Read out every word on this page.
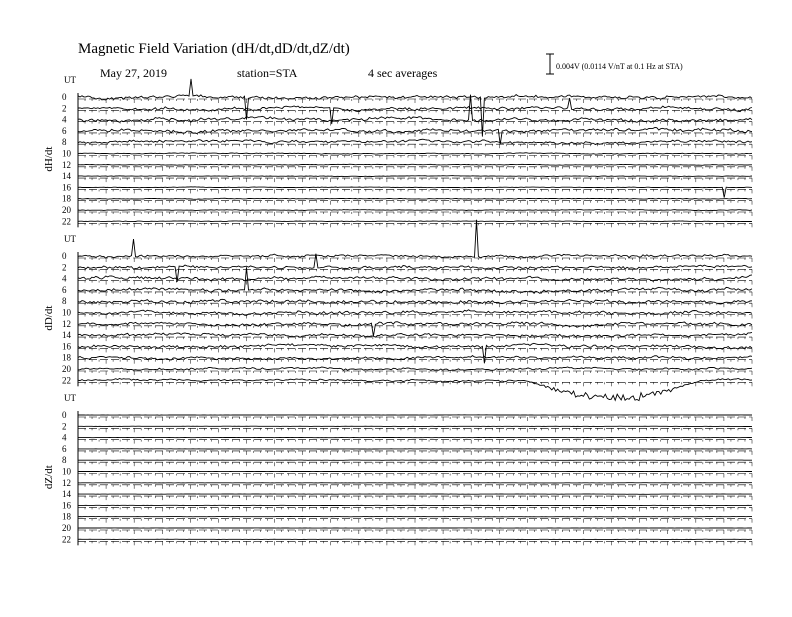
Magnetic Field Variation (dH/dt,dD/dt,dZ/dt)
May 27, 2019	station=STA	4 sec averages	0.004V (0.0114 V/nT at 0.1 Hz at STA)
UT
dH/dt
0
2
4
6
8
10
12
14
16
18
20
22
UT
dD/dt
0
2
4
6
8
10
12
14
16
18
20
22
UT
dZ/dt
0
2
4
6
8
10
12
14
16
18
20
22
